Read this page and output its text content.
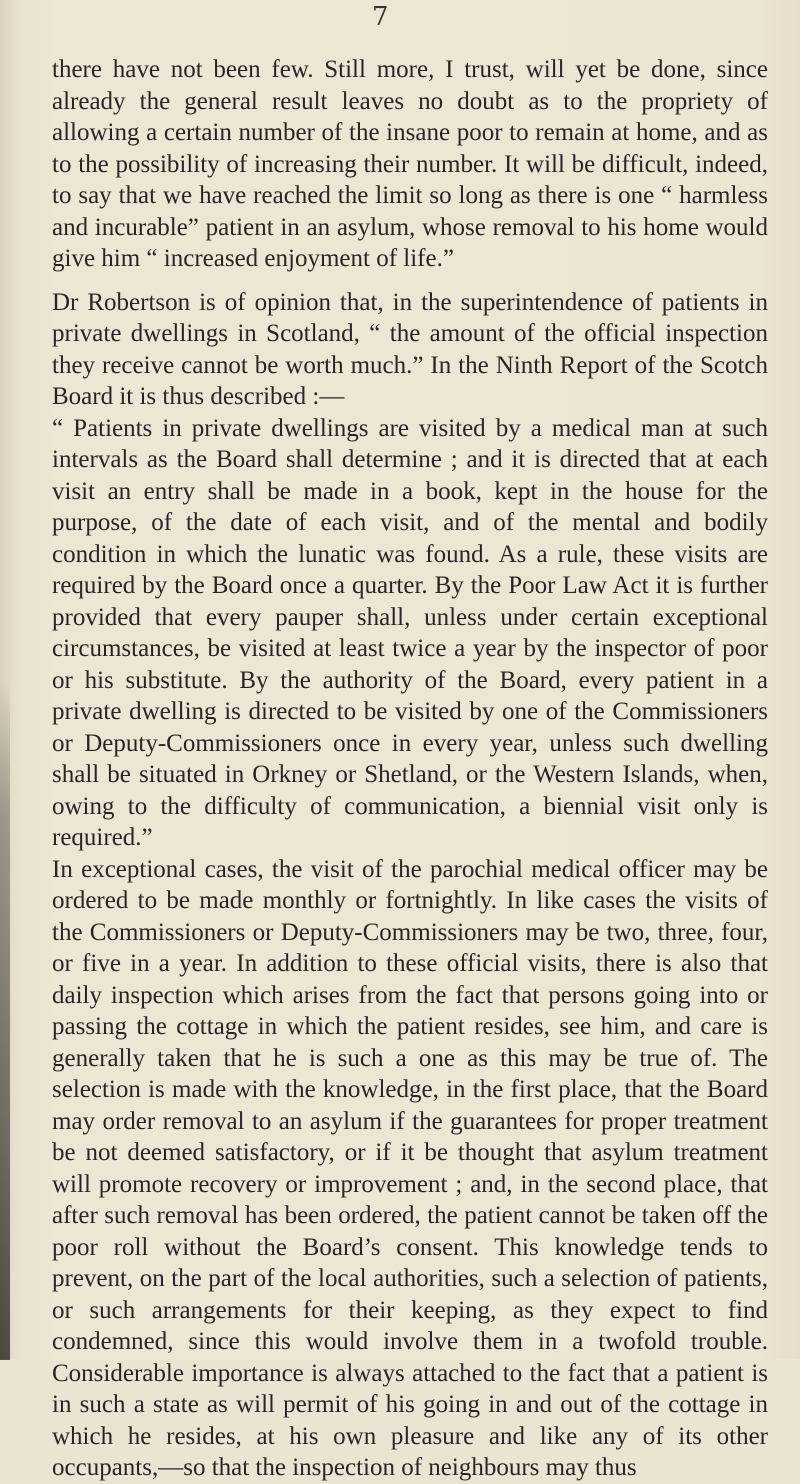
7

there have not been few. Still more, I trust, will yet be done, since already the general result leaves no doubt as to the propriety of allowing a certain number of the insane poor to remain at home, and as to the possibility of increasing their number. It will be difficult, indeed, to say that we have reached the limit so long as there is one “ harmless and incurable” patient in an asylum, whose removal to his home would give him “ increased enjoyment of life.”

Dr Robertson is of opinion that, in the superintendence of patients in private dwellings in Scotland, “ the amount of the official inspection they receive cannot be worth much.” In the Ninth Report of the Scotch Board it is thus described :—

“ Patients in private dwellings are visited by a medical man at such intervals as the Board shall determine ; and it is directed that at each visit an entry shall be made in a book, kept in the house for the purpose, of the date of each visit, and of the mental and bodily condition in which the lunatic was found. As a rule, these visits are required by the Board once a quarter. By the Poor Law Act it is further provided that every pauper shall, unless under certain exceptional circumstances, be visited at least twice a year by the inspector of poor or his substitute. By the authority of the Board, every patient in a private dwelling is directed to be visited by one of the Commissioners or Deputy-Commissioners once in every year, unless such dwelling shall be situated in Orkney or Shetland, or the Western Islands, when, owing to the difficulty of communication, a biennial visit only is required.”

In exceptional cases, the visit of the parochial medical officer may be ordered to be made monthly or fortnightly. In like cases the visits of the Commissioners or Deputy-Commissioners may be two, three, four, or five in a year. In addition to these official visits, there is also that daily inspection which arises from the fact that persons going into or passing the cottage in which the patient resides, see him, and care is generally taken that he is such a one as this may be true of. The selection is made with the knowledge, in the first place, that the Board may order removal to an asylum if the guarantees for proper treatment be not deemed satisfactory, or if it be thought that asylum treatment will promote recovery or improvement ; and, in the second place, that after such removal has been ordered, the patient cannot be taken off the poor roll without the Board’s consent. This knowledge tends to prevent, on the part of the local authorities, such a selection of patients, or such arrangements for their keeping, as they expect to find condemned, since this would involve them in a twofold trouble. Considerable importance is always attached to the fact that a patient is in such a state as will permit of his going in and out of the cottage in which he resides, at his own pleasure and like any of its other occupants,—so that the inspection of neighbours may thus
